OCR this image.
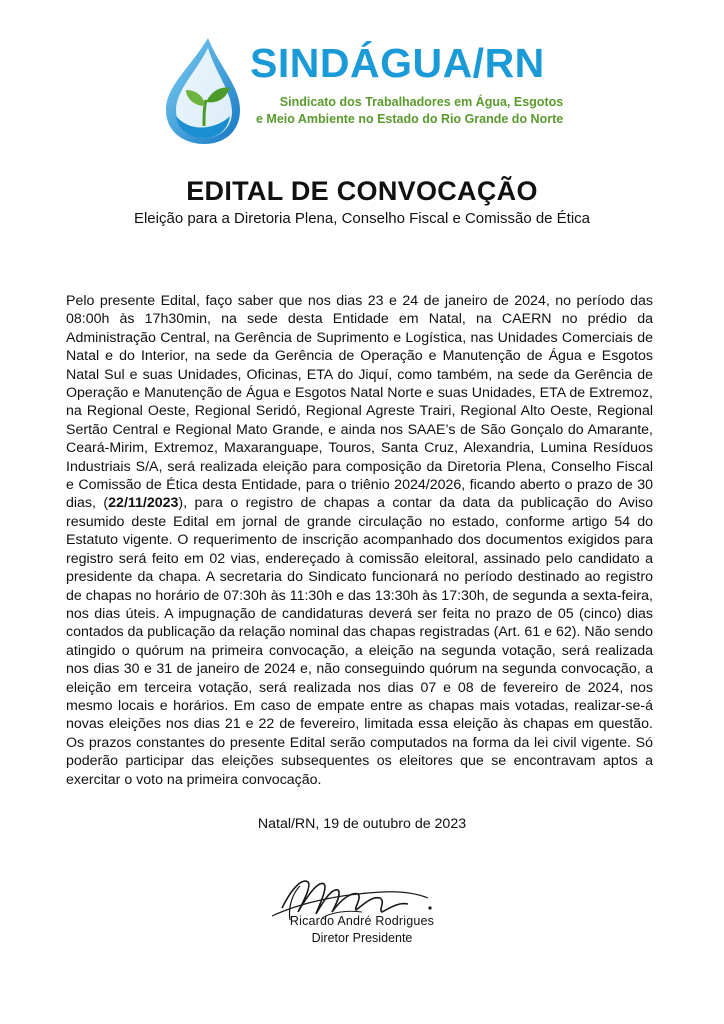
SINDÁGUA/RN
Sindicato dos Trabalhadores em Água, Esgotos
e Meio Ambiente no Estado do Rio Grande do Norte
EDITAL DE CONVOCAÇÃO
Eleição para a Diretoria Plena, Conselho Fiscal e Comissão de Ética
Pelo presente Edital, faço saber que nos dias 23 e 24 de janeiro de 2024, no período das 08:00h às 17h30min, na sede desta Entidade em Natal, na CAERN no prédio da Administração Central, na Gerência de Suprimento e Logística, nas Unidades Comerciais de Natal e do Interior, na sede da Gerência de Operação e Manutenção de Água e Esgotos Natal Sul e suas Unidades, Oficinas, ETA do Jiquí, como também, na sede da Gerência de Operação e Manutenção de Água e Esgotos Natal Norte e suas Unidades, ETA de Extremoz, na Regional Oeste, Regional Seridó, Regional Agreste Trairi, Regional Alto Oeste, Regional Sertão Central e Regional Mato Grande, e ainda nos SAAE’s de São Gonçalo do Amarante, Ceará-Mirim, Extremoz, Maxaranguape, Touros, Santa Cruz, Alexandria, Lumina Resíduos Industriais S/A, será realizada eleição para composição da Diretoria Plena, Conselho Fiscal e Comissão de Ética desta Entidade, para o triênio 2024/2026, ficando aberto o prazo de 30 dias, (22/11/2023), para o registro de chapas a contar da data da publicação do Aviso resumido deste Edital em jornal de grande circulação no estado, conforme artigo 54 do Estatuto vigente. O requerimento de inscrição acompanhado dos documentos exigidos para registro será feito em 02 vias, endereçado à comissão eleitoral, assinado pelo candidato a presidente da chapa. A secretaria do Sindicato funcionará no período destinado ao registro de chapas no horário de 07:30h às 11:30h e das 13:30h às 17:30h, de segunda a sexta-feira, nos dias úteis. A impugnação de candidaturas deverá ser feita no prazo de 05 (cinco) dias contados da publicação da relação nominal das chapas registradas (Art. 61 e 62). Não sendo atingido o quórum na primeira convocação, a eleição na segunda votação, será realizada nos dias 30 e 31 de janeiro de 2024 e, não conseguindo quórum na segunda convocação, a eleição em terceira votação, será realizada nos dias 07 e 08 de fevereiro de 2024, nos mesmo locais e horários. Em caso de empate entre as chapas mais votadas, realizar-se-á novas eleições nos dias 21 e 22 de fevereiro, limitada essa eleição às chapas em questão. Os prazos constantes do presente Edital serão computados na forma da lei civil vigente. Só poderão participar das eleições subsequentes os eleitores que se encontravam aptos a exercitar o voto na primeira convocação.
Natal/RN, 19 de outubro de 2023
Ricardo André Rodrigues
Diretor Presidente
